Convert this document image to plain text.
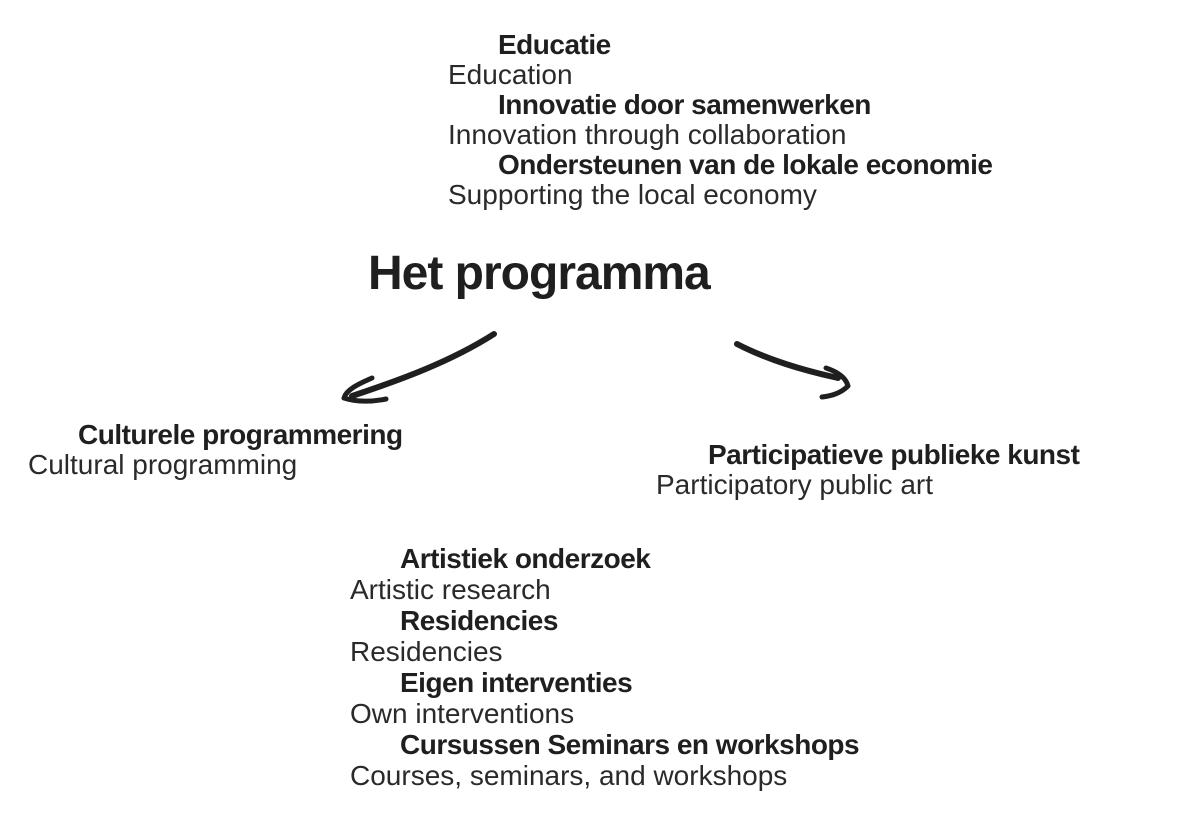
Educatie
Education
Innovatie door samenwerken
Innovation through collaboration
Ondersteunen van de lokale economie
Supporting the local economy
Het programma
Culturele programmering
Cultural programming	Participatieve publieke kunst
Participatory public art
Artistiek onderzoek
Artistic research
Residencies
Residencies
Eigen interventies
Own interventions
Cursussen Seminars en workshops
Courses, seminars, and workshops
